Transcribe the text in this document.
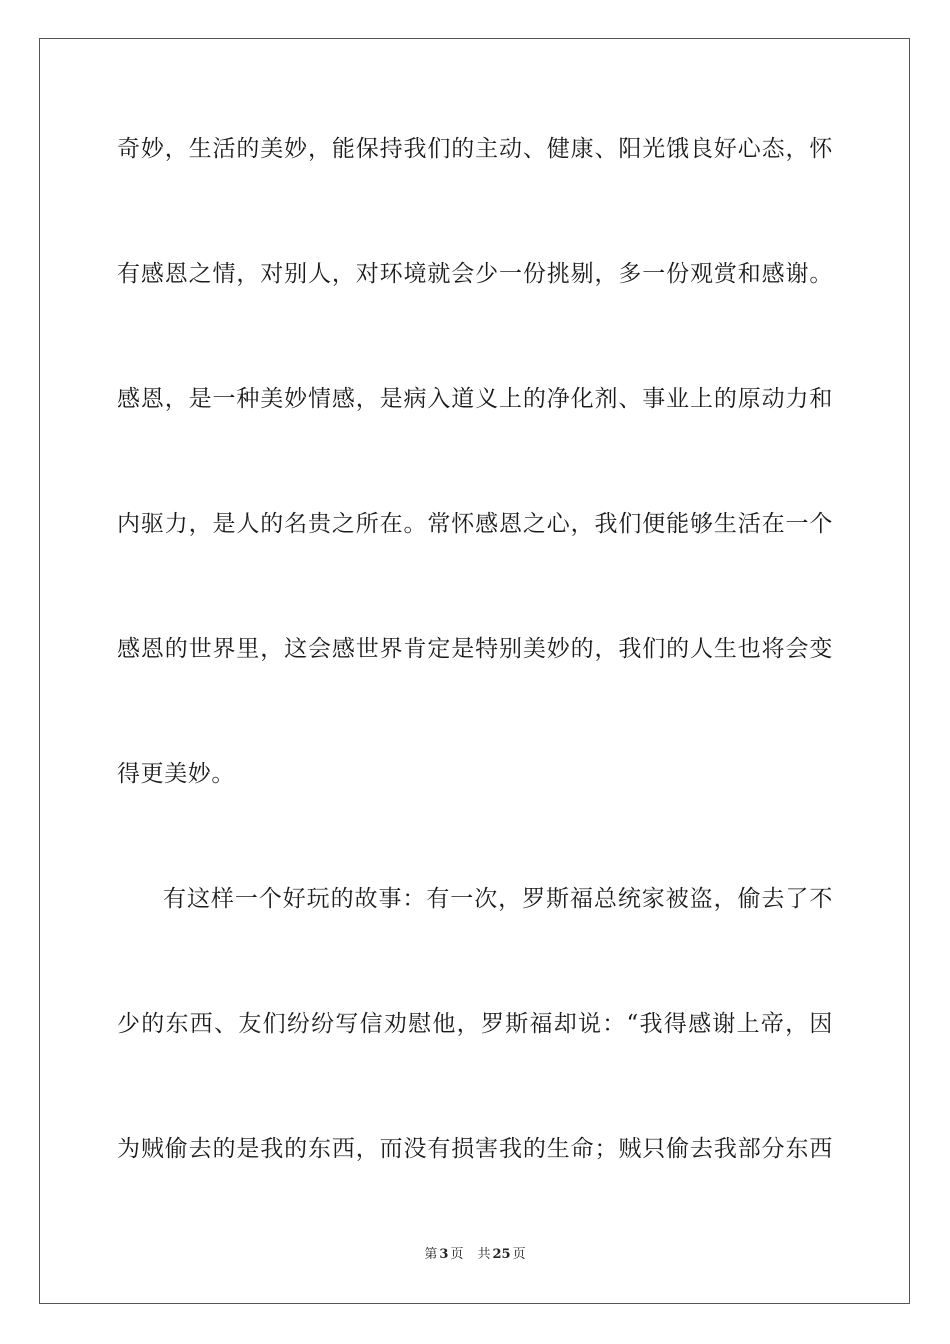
奇妙，生活的美妙，能保持我们的主动、健康、阳光饿良好心态，怀
有感恩之情，对别人，对环境就会少一份挑剔，多一份观赏和感谢。
感恩，是一种美妙情感，是病入道义上的净化剂、事业上的原动力和
内驱力，是人的名贵之所在。常怀感恩之心，我们便能够生活在一个
感恩的世界里，这会感世界肯定是特别美妙的，我们的人生也将会变
得更美妙。
有这样一个好玩的故事：有一次，罗斯福总统家被盗，偷去了不
少的东西、友们纷纷写信劝慰他，罗斯福却说：“我得感谢上帝，因
为贼偷去的是我的东西，而没有损害我的生命；贼只偷去我部分东西
第 3 页 共 25 页
